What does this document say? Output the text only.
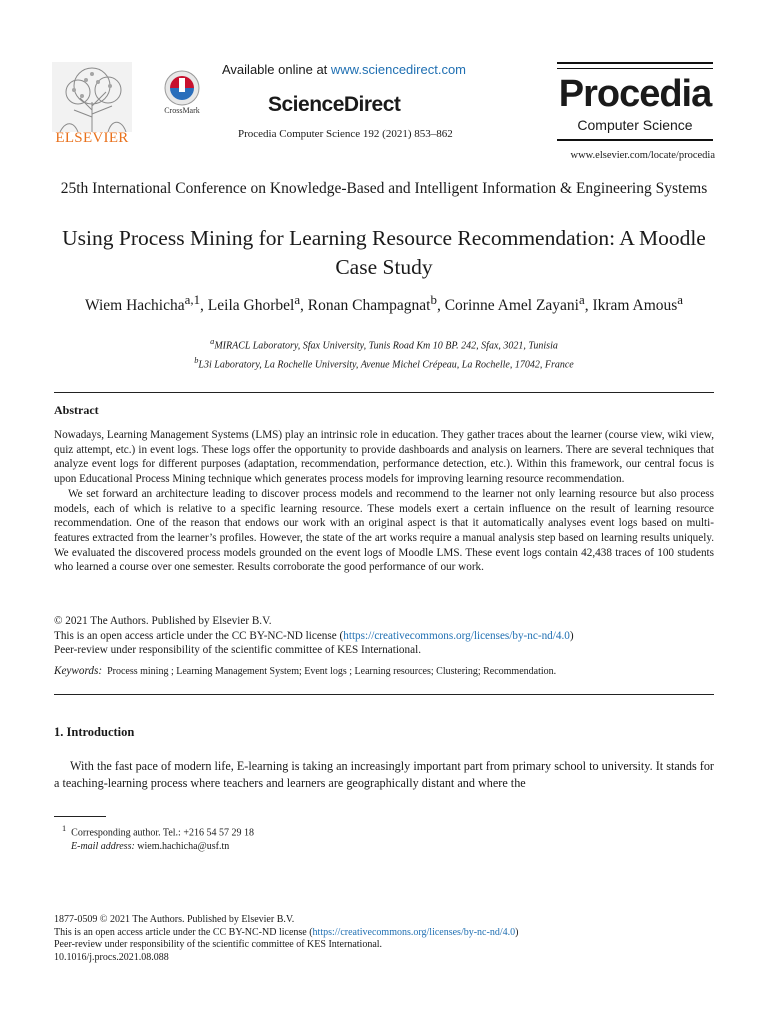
ELSEVIER
CrossMark
Available online at www.sciencedirect.com
ScienceDirect
Procedia Computer Science 192 (2021) 853–862
Procedia
Computer Science
www.elsevier.com/locate/procedia
25th International Conference on Knowledge-Based and Intelligent Information & Engineering Systems
Using Process Mining for Learning Resource Recommendation: A Moodle Case Study
Wiem Hachicha$^{a,1}$, Leila Ghorbel$^a$, Ronan Champagnat$^b$, Corinne Amel Zayani$^a$, Ikram Amous$^a$
$^a$MIRACL Laboratory, Sfax University, Tunis Road Km 10 BP. 242, Sfax, 3021, Tunisia
$^b$L3i Laboratory, La Rochelle University, Avenue Michel Crépeau, La Rochelle, 17042, France
Abstract

Nowadays, Learning Management Systems (LMS) play an intrinsic role in education. They gather traces about the learner (course view, wiki view, quiz attempt, etc.) in event logs. These logs offer the opportunity to provide dashboards and analysis on learners. There are several techniques that analyze event logs for different purposes (adaptation, recommendation, performance detection, etc.). Within this framework, our central focus is upon Educational Process Mining technique which generates process models for improving learning resource recommendation.

We set forward an architecture leading to discover process models and recommend to the learner not only learning resource but also process models, each of which is relative to a specific learning resource. These models exert a certain influence on the result of learning resource recommendation. One of the reason that endows our work with an original aspect is that it automatically analyses event logs based on multi-features extracted from the learner’s profiles. However, the state of the art works require a manual analysis step based on learning results uniquely. We evaluated the discovered process models grounded on the event logs of Moodle LMS. These event logs contain 42,438 traces of 100 students who learned a course over one semester. Results corroborate the good performance of our work.

© 2021 The Authors. Published by Elsevier B.V.
This is an open access article under the CC BY-NC-ND license (https://creativecommons.org/licenses/by-nc-nd/4.0)
Peer-review under responsibility of the scientific committee of KES International.
Keywords: Process mining ; Learning Management System; Event logs ; Learning resources; Clustering; Recommendation.
1. Introduction
With the fast pace of modern life, E-learning is taking an increasingly important part from primary school to university. It stands for a teaching-learning process where teachers and learners are geographically distant and where the
$^1$ Corresponding author. Tel.: +216 54 57 29 18
E-mail address: wiem.hachicha@usf.tn
1877-0509 © 2021 The Authors. Published by Elsevier B.V.
This is an open access article under the CC BY-NC-ND license (https://creativecommons.org/licenses/by-nc-nd/4.0)
Peer-review under responsibility of the scientific committee of KES International.
10.1016/j.procs.2021.08.088
